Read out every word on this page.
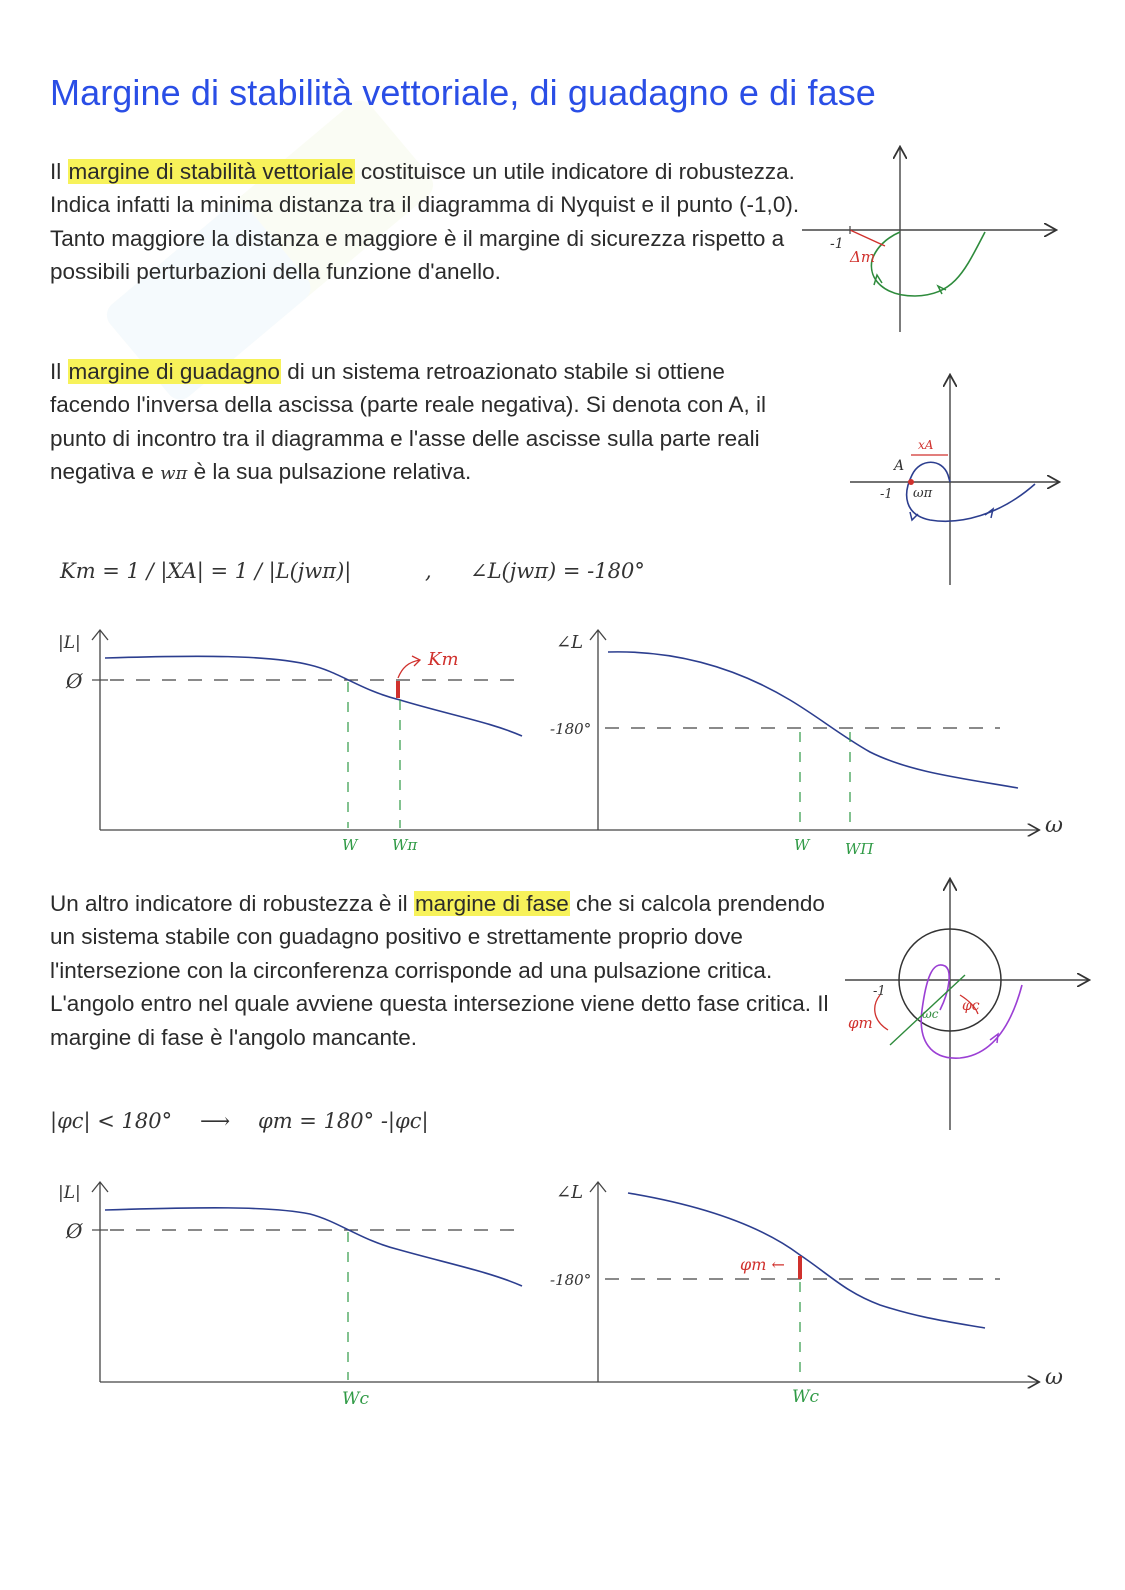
Margine di stabilità vettoriale, di guadagno e di fase

Il margine di stabilità vettoriale costituisce un utile indicatore di robustezza. Indica infatti la minima distanza tra il diagramma di Nyquist e il punto (-1,0). Tanto maggiore la distanza e maggiore è il margine di sicurezza rispetto a possibili perturbazioni della funzione d'anello.

Il margine di guadagno di un sistema retroazionato stabile si ottiene facendo l'inversa della ascissa (parte reale negativa). Si denota con A, il punto di incontro tra il diagramma e l'asse delle ascisse sulla parte reali negativa e wπ è la sua pulsazione relativa.

Un altro indicatore di robustezza è il margine di fase che si calcola prendendo un sistema stabile con guadagno positivo e strettamente proprio dove l'intersezione con la circonferenza corrisponde ad una pulsazione critica. L'angolo entro nel quale avviene questa intersezione viene detto fase critica. Il margine di fase è l'angolo mancante.

-1
Δm
xA
A
-1 ωπ
Km = 1 / |XA| = 1 / |L(jwπ)|	, ∠L(jwπ) = -180°
|L|
Ø
Km
W Wπ
∠L
-180°
W WΠ
ω
-1
φm
φc
ωc
|φc| < 180° ⟶ φm = 180° -|φc|
|L|
Ø
Wc
∠L
-180°
φm ←
Wc
ω
